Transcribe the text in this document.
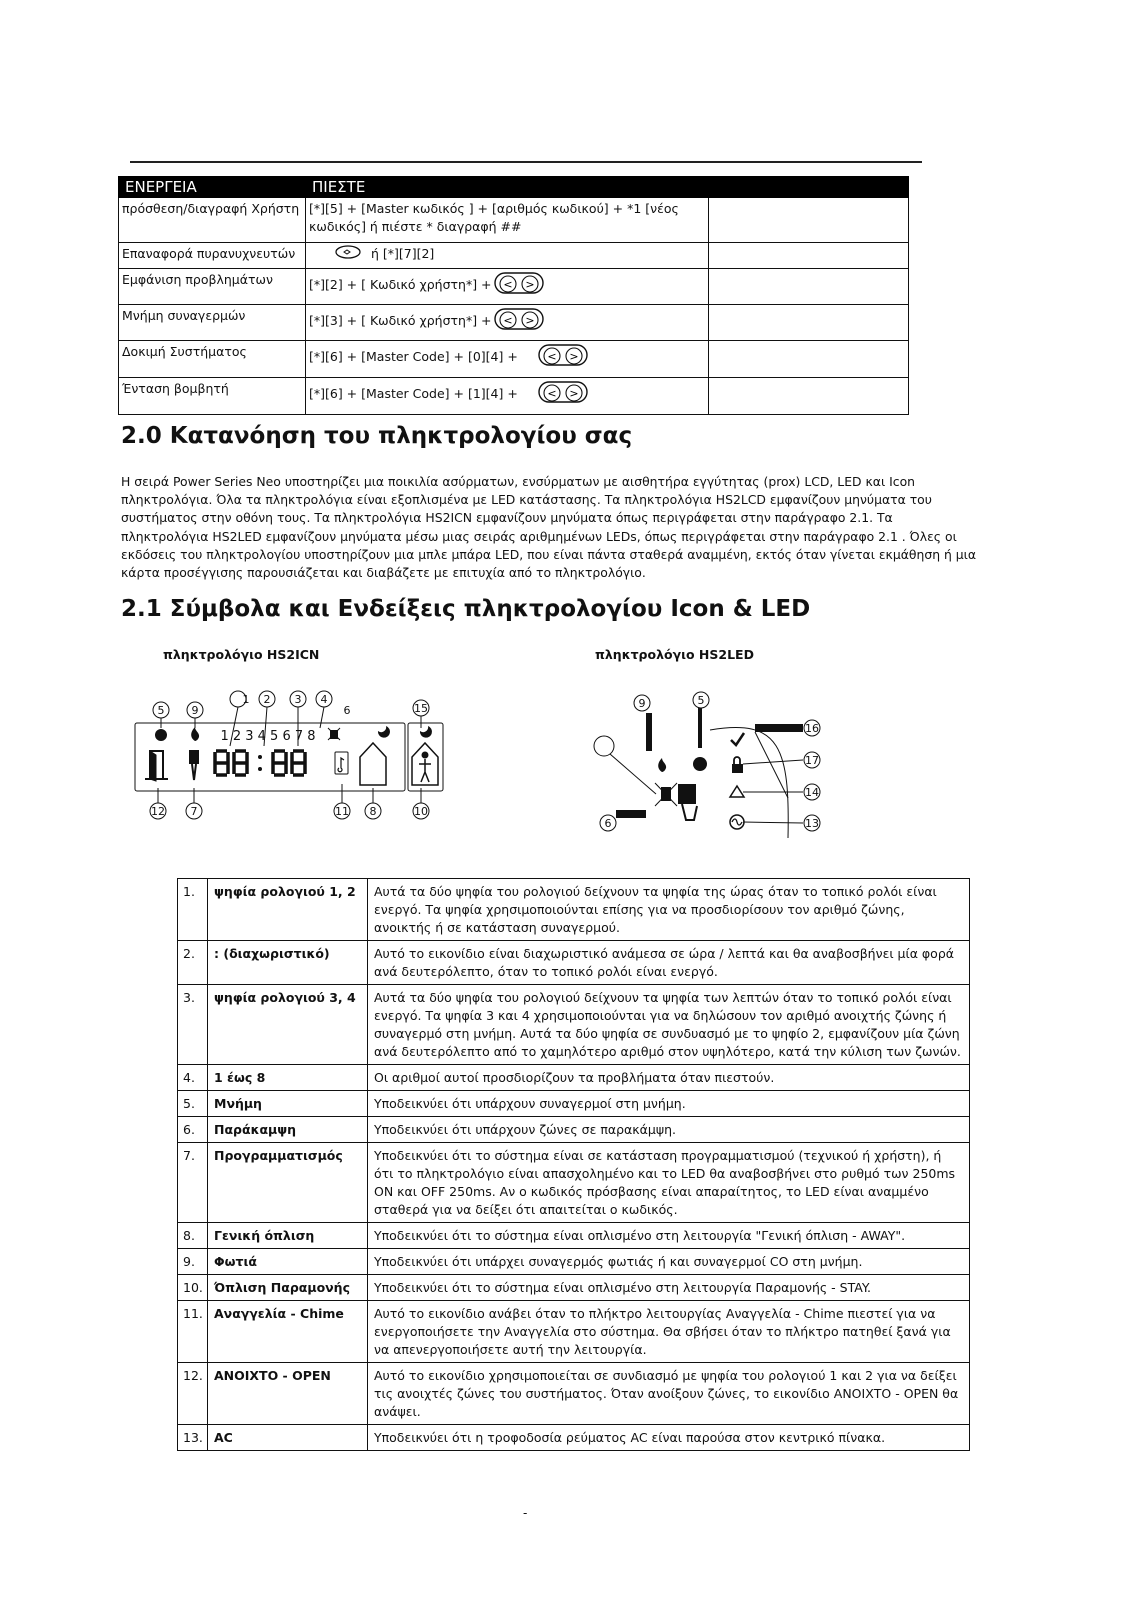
ΕΝΕΡΓΕΙΑ	ΠΙΕΣΤΕ	
πρόσθεση/διαγραφή Χρήστη	[*][5] + [Master κωδικός ] + [αριθμός κωδικού] + *1 [νέος κωδικός] ή πιέστε * διαγραφή ##	
Επαναφορά πυρανυχνευτών	ή [*][7][2]	
Εμφάνιση προβλημάτων	[*][2] + [ Κωδικό χρήστη*] + < >	

Μνήμη συναγερμών	[*][3] + [ Κωδικό χρήστη*] + < >	

Δοκιμή Συστήματος	[*][6] + [Master Code] + [0][4] + < >	

Ένταση βομβητή	[*][6] + [Master Code] + [1][4] + < >	

2.0 Κατανόηση του πληκτρολογίου σας
Η σειρά Power Series Neo υποστηρίζει μια ποικιλία ασύρματων, ενσύρματων με αισθητήρα εγγύτητας (prox) LCD, LED και Icon πληκτρολόγια. Όλα τα πληκτρολόγια είναι εξοπλισμένα με LED κατάστασης. Τα πληκτρολόγια HS2LCD εμφανίζουν μηνύματα του συστήματος στην οθόνη τους. Τα πληκτρολόγια HS2ICN εμφανίζουν μηνύματα όπως περιγράφεται στην παράγραφο 2.1. Τα πληκτρολόγια HS2LED εμφανίζουν μηνύματα μέσω μιας σειράς αριθμημένων LEDs, όπως περιγράφεται στην παράγραφο 2.1 . Όλες οι εκδόσεις του πληκτρολογίου υποστηρίζουν μια μπλε μπάρα LED, που είναι πάντα σταθερά αναμμένη, εκτός όταν γίνεται εκμάθηση ή μια κάρτα προσέγγισης παρουσιάζεται και διαβάζετε με επιτυχία από το πληκτρολόγιο.
2.1 Σύμβολα και Ενδείξεις πληκτρολογίου Icon & LED
πληκτρολόγιο HS2ICN	πληκτρολόγιο HS2LED
5 9
1 2 3 4
6	15
12 7	11 8	10
1 2 3 4 5 6 7 8
88:88
9	5
16
17
14
13
6
1.	ψηφία ρολογιού 1, 2	Αυτά τα δύο ψηφία του ρολογιού δείχνουν τα ψηφία της ώρας όταν το τοπικό ρολόι είναι ενεργό. Τα ψηφία χρησιμοποιούνται επίσης για να προσδιορίσουν τον αριθμό ζώνης, ανοικτής ή σε κατάσταση συναγερμού.
2.	: (διαχωριστικό)	Αυτό το εικονίδιο είναι διαχωριστικό ανάμεσα σε ώρα / λεπτά και θα αναβοσβήνει μία φορά ανά δευτερόλεπτο, όταν το τοπικό ρολόι είναι ενεργό.
3.	ψηφία ρολογιού 3, 4	Αυτά τα δύο ψηφία του ρολογιού δείχνουν τα ψηφία των λεπτών όταν το τοπικό ρολόι είναι ενεργό. Τα ψηφία 3 και 4 χρησιμοποιούνται για να δηλώσουν τον αριθμό ανοιχτής ζώνης ή συναγερμό στη μνήμη. Αυτά τα δύο ψηφία σε συνδυασμό με το ψηφίο 2, εμφανίζουν μία ζώνη ανά δευτερόλεπτο από το χαμηλότερο αριθμό στον υψηλότερο, κατά την κύλιση των ζωνών.
4.	1 έως 8	Οι αριθμοί αυτοί προσδιορίζουν τα προβλήματα όταν πιεστούν.
5.	Μνήμη	Υποδεικνύει ότι υπάρχουν συναγερμοί στη μνήμη.
6.	Παράκαμψη	Υποδεικνύει ότι υπάρχουν ζώνες σε παρακάμψη.
7.	Προγραμματισμός	Υποδεικνύει ότι το σύστημα είναι σε κατάσταση προγραμματισμού (τεχνικού ή χρήστη), ή ότι το πληκτρολόγιο είναι απασχολημένο και το LED θα αναβοσβήνει στο ρυθμό των 250ms ON και OFF 250ms. Αν ο κωδικός πρόσβασης είναι απαραίτητος, το LED είναι αναμμένο σταθερά για να δείξει ότι απαιτείται ο κωδικός.
8.	Γενική όπλιση	Υποδεικνύει ότι το σύστημα είναι οπλισμένο στη λειτουργία "Γενική όπλιση - AWAY".
9.	Φωτιά	Υποδεικνύει ότι υπάρχει συναγερμός φωτιάς ή και συναγερμοί CO στη μνήμη.
10.	Όπλιση Παραμονής	Υποδεικνύει ότι το σύστημα είναι οπλισμένο στη λειτουργία Παραμονής - STAY.
11.	Αναγγελία - Chime	Αυτό το εικονίδιο ανάβει όταν το πλήκτρο λειτουργίας Αναγγελία - Chime πιεστεί για να ενεργοποιήσετε την Αναγγελία στο σύστημα. Θα σβήσει όταν το πλήκτρο πατηθεί ξανά για να απενεργοποιήσετε αυτή την λειτουργία.
12.	ΑΝΟΙΧΤΟ - OPEN	Αυτό το εικονίδιο χρησιμοποιείται σε συνδιασμό με ψηφία του ρολογιού 1 και 2 για να δείξει τις ανοιχτές ζώνες του συστήματος. Όταν ανοίξουν ζώνες, το εικονίδιο ΑΝΟΙΧΤΟ - OPEN θα ανάψει.
13.	AC	Υποδεικνύει ότι η τροφοδοσία ρεύματος AC είναι παρούσα στον κεντρικό πίνακα.
-
